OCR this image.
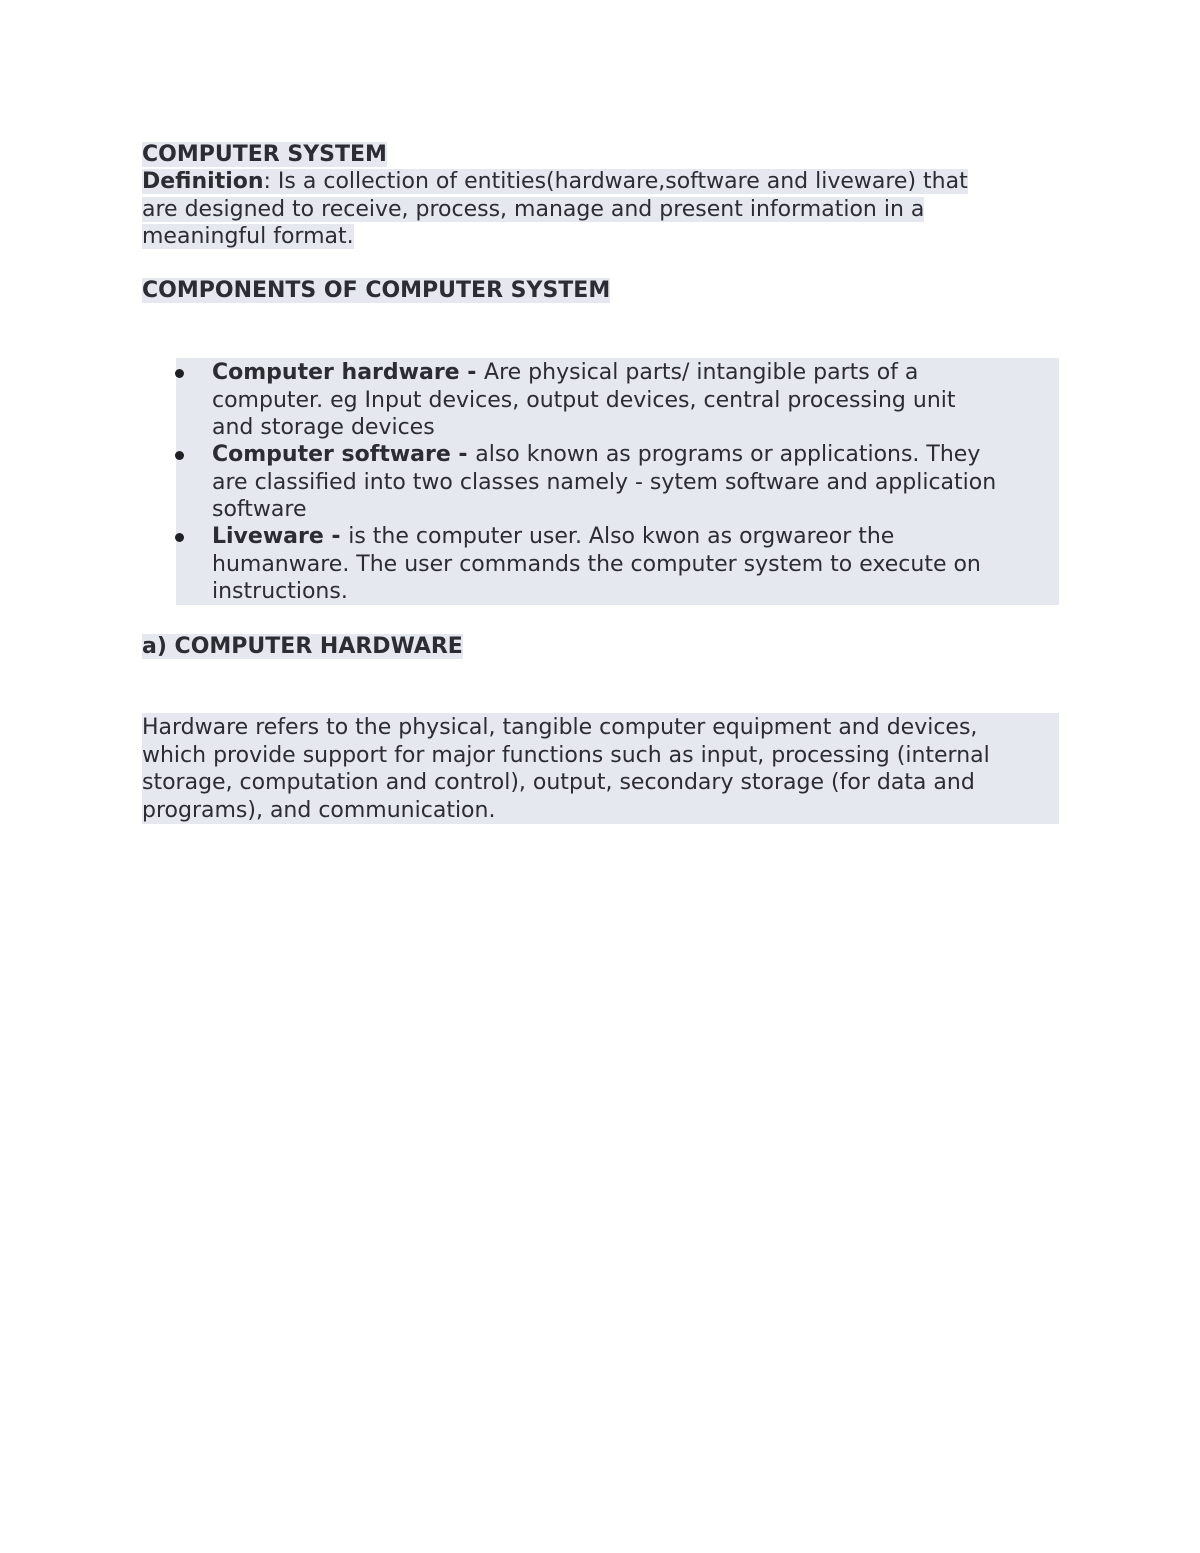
COMPUTER SYSTEM
Definition: Is a collection of entities(hardware,software and liveware) that
are designed to receive, process, manage and present information in a
meaningful format.
COMPONENTS OF COMPUTER SYSTEM
Computer hardware - Are physical parts/ intangible parts of a
computer. eg Input devices, output devices, central processing unit
and storage devices
Computer software - also known as programs or applications. They
are classified into two classes namely - sytem software and application
software
Liveware - is the computer user. Also kwon as orgwareor the
humanware. The user commands the computer system to execute on
instructions.
a) COMPUTER HARDWARE
Hardware refers to the physical, tangible computer equipment and devices,
which provide support for major functions such as input, processing (internal
storage, computation and control), output, secondary storage (for data and
programs), and communication.
